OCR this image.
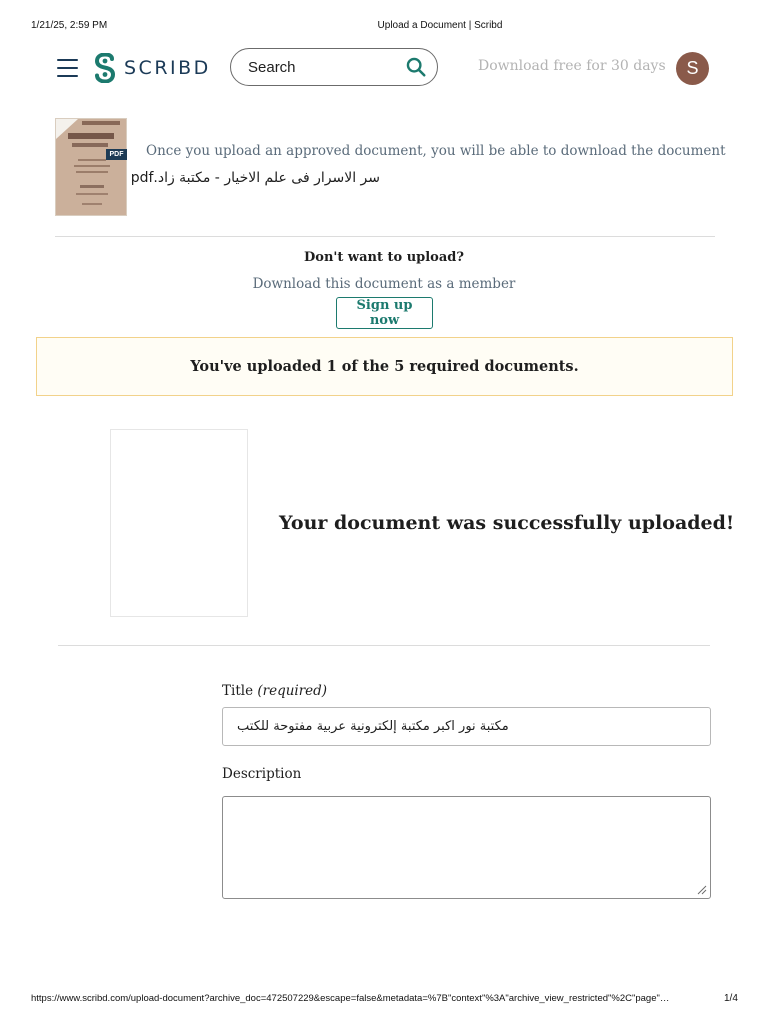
1/21/25, 2:59 PM	Upload a Document | Scribd
SCRIBD
Search	Download free for 30 days	S
PDF Once you upload an approved document, you will be able to download the document
سر الاسرار فى علم الاخيار - مكتبة زاد.pdf
Don't want to upload?
Download this document as a member
Sign up now
You've uploaded 1 of the 5 required documents.
Your document was successfully uploaded!
Title (required)
مكتبة نور اكبر مكتبة إلكترونية عربية مفتوحة للكتب
Description
https://www.scribd.com/upload-document?archive_doc=472507229&escape=false&metadata=%7B"context"%3A"archive_view_restricted"%2C"page"…	1/4
